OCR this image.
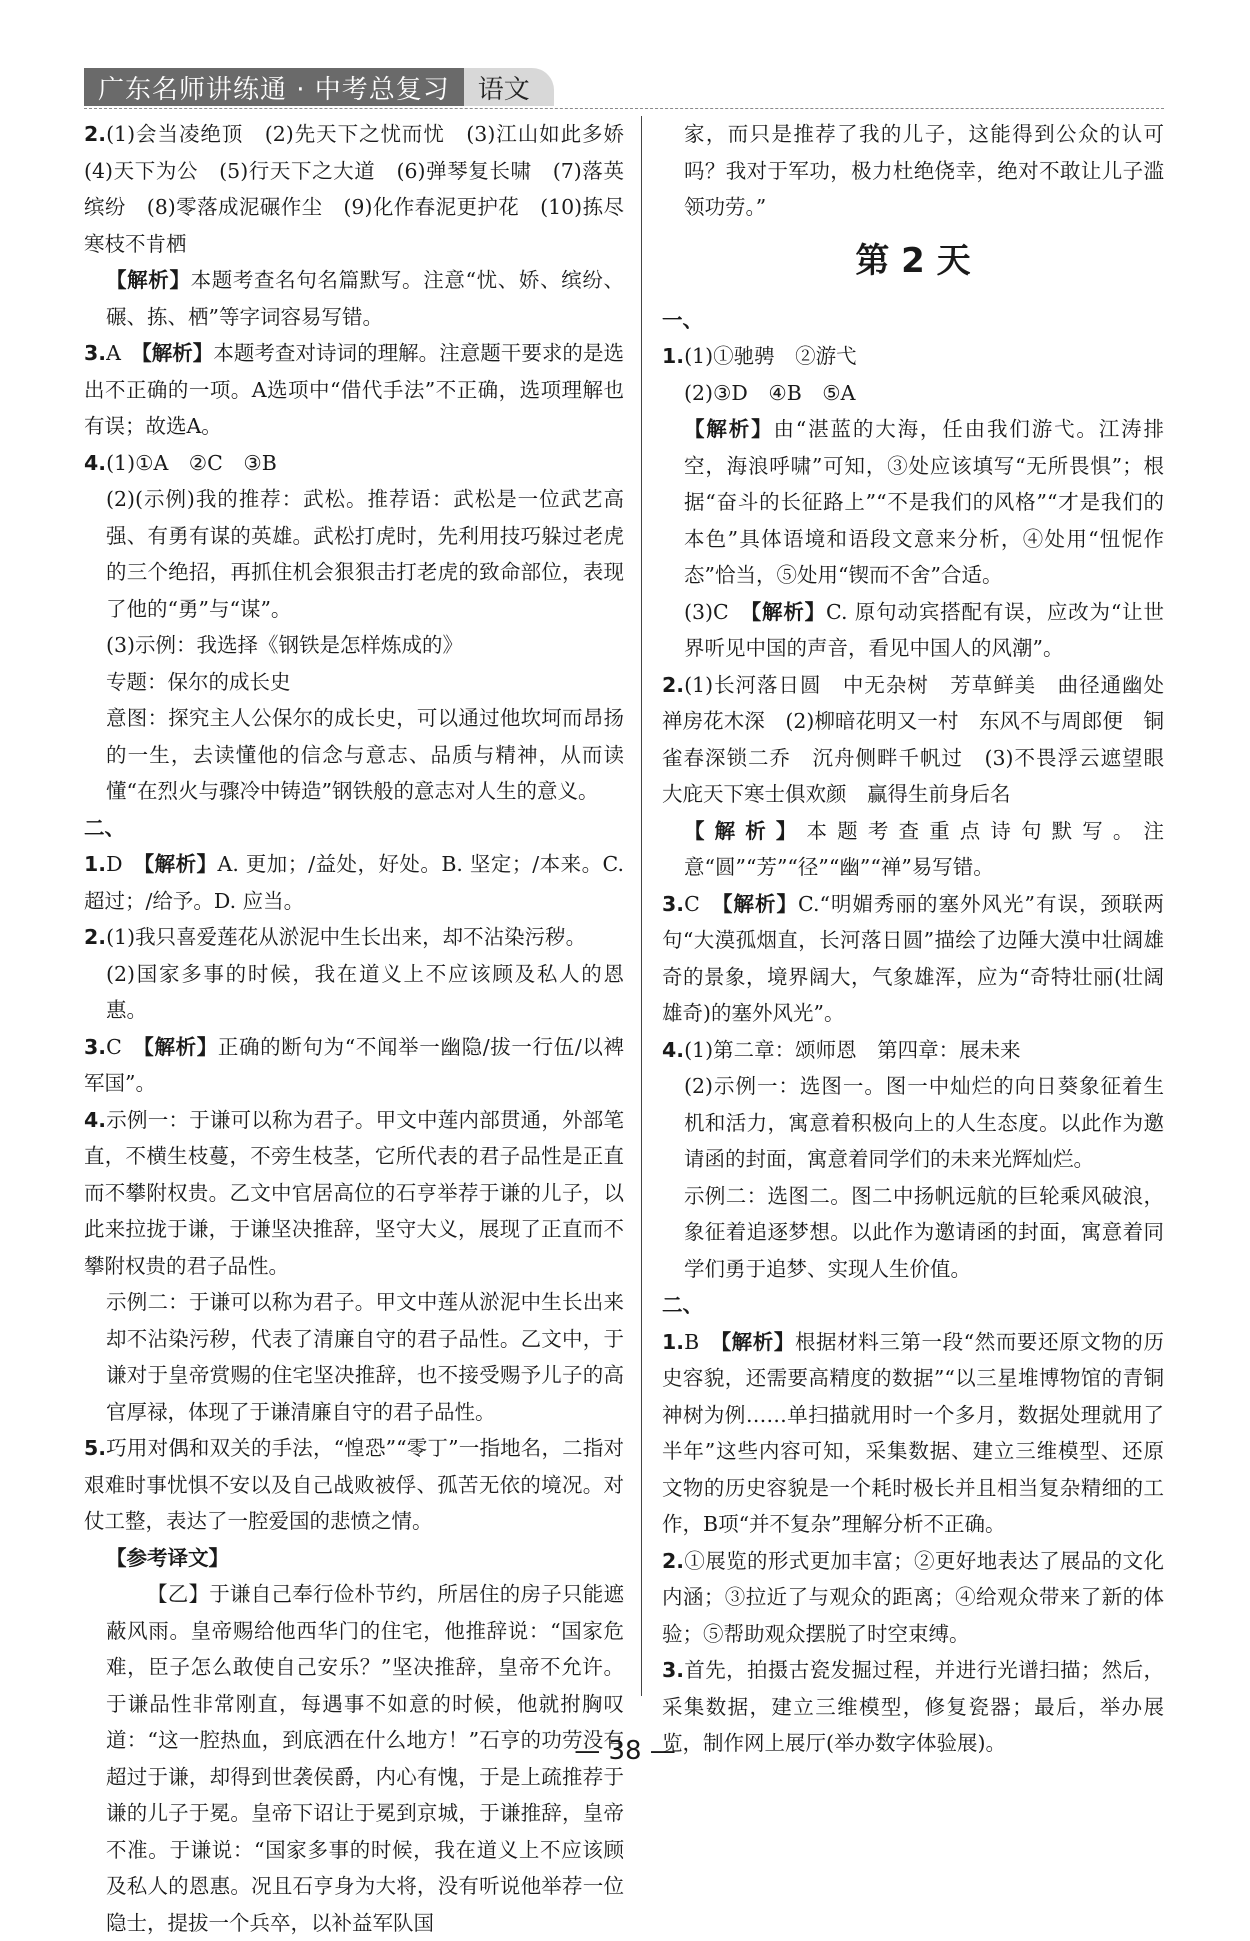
广东名师讲练通 · 中考总复习	语文

2.(1)会当凌绝顶　(2)先天下之忧而忧　(3)江山如此多娇　(4)天下为公　(5)行天下之大道　(6)弹琴复长啸　(7)落英缤纷　(8)零落成泥碾作尘　(9)化作春泥更护花　(10)拣尽寒枝不肯栖

【解析】本题考查名句名篇默写。注意“忧、娇、缤纷、碾、拣、栖”等字词容易写错。

3.A　【解析】本题考查对诗词的理解。注意题干要求的是选出不正确的一项。A选项中“借代手法”不正确，选项理解也有误；故选A。

4.(1)①A　②C　③B

(2)(示例)我的推荐：武松。推荐语：武松是一位武艺高强、有勇有谋的英雄。武松打虎时，先利用技巧躲过老虎的三个绝招，再抓住机会狠狠击打老虎的致命部位，表现了他的“勇”与“谋”。

(3)示例：我选择《钢铁是怎样炼成的》

专题：保尔的成长史

意图：探究主人公保尔的成长史，可以通过他坎坷而昂扬的一生，去读懂他的信念与意志、品质与精神，从而读懂“在烈火与骤冷中铸造”钢铁般的意志对人生的意义。

二、

1.D　【解析】A. 更加；/益处，好处。B. 坚定；/本来。C. 超过；/给予。D. 应当。

2.(1)我只喜爱莲花从淤泥中生长出来，却不沾染污秽。

(2)国家多事的时候，我在道义上不应该顾及私人的恩惠。

3.C　【解析】正确的断句为“不闻举一幽隐/拔一行伍/以裨军国”。

4.示例一：于谦可以称为君子。甲文中莲内部贯通，外部笔直，不横生枝蔓，不旁生枝茎，它所代表的君子品性是正直而不攀附权贵。乙文中官居高位的石亨举荐于谦的儿子，以此来拉拢于谦，于谦坚决推辞，坚守大义，展现了正直而不攀附权贵的君子品性。

示例二：于谦可以称为君子。甲文中莲从淤泥中生长出来却不沾染污秽，代表了清廉自守的君子品性。乙文中，于谦对于皇帝赏赐的住宅坚决推辞，也不接受赐予儿子的高官厚禄，体现了于谦清廉自守的君子品性。

5.巧用对偶和双关的手法，“惶恐”“零丁”一指地名，二指对艰难时事忧惧不安以及自己战败被俘、孤苦无依的境况。对仗工整，表达了一腔爱国的悲愤之情。

【参考译文】

【乙】于谦自己奉行俭朴节约，所居住的房子只能遮蔽风雨。皇帝赐给他西华门的住宅，他推辞说：“国家危难，臣子怎么敢使自己安乐？”坚决推辞，皇帝不允许。于谦品性非常刚直，每遇事不如意的时候，他就拊胸叹道：“这一腔热血，到底洒在什么地方！”石亨的功劳没有超过于谦，却得到世袭侯爵，内心有愧，于是上疏推荐于谦的儿子于冕。皇帝下诏让于冕到京城，于谦推辞，皇帝不准。于谦说：“国家多事的时候，我在道义上不应该顾及私人的恩惠。况且石亨身为大将，没有听说他举荐一位隐士，提拔一个兵卒，以补益军队国

家，而只是推荐了我的儿子，这能得到公众的认可吗？我对于军功，极力杜绝侥幸，绝对不敢让儿子滥领功劳。”

第 2 天

一、

1.(1)①驰骋　②游弋

(2)③D　④B　⑤A

【解析】由“湛蓝的大海，任由我们游弋。江涛排空，海浪呼啸”可知，③处应该填写“无所畏惧”；根据“奋斗的长征路上”“不是我们的风格”“才是我们的本色”具体语境和语段文意来分析，④处用“忸怩作态”恰当，⑤处用“锲而不舍”合适。

(3)C　【解析】C. 原句动宾搭配有误，应改为“让世界听见中国的声音，看见中国人的风潮”。

2.(1)长河落日圆　中无杂树　芳草鲜美　曲径通幽处　禅房花木深　(2)柳暗花明又一村　东风不与周郎便　铜雀春深锁二乔　沉舟侧畔千帆过　(3)不畏浮云遮望眼　大庇天下寒士俱欢颜　赢得生前身后名

【解析】本题考查重点诗句默写。注意“圆”“芳”“径”“幽”“禅”易写错。

3.C　【解析】C.“明媚秀丽的塞外风光”有误，颈联两句“大漠孤烟直，长河落日圆”描绘了边陲大漠中壮阔雄奇的景象，境界阔大，气象雄浑，应为“奇特壮丽(壮阔雄奇)的塞外风光”。

4.(1)第二章：颂师恩　第四章：展未来

(2)示例一：选图一。图一中灿烂的向日葵象征着生机和活力，寓意着积极向上的人生态度。以此作为邀请函的封面，寓意着同学们的未来光辉灿烂。

示例二：选图二。图二中扬帆远航的巨轮乘风破浪，象征着追逐梦想。以此作为邀请函的封面，寓意着同学们勇于追梦、实现人生价值。

二、

1.B　【解析】根据材料三第一段“然而要还原文物的历史容貌，还需要高精度的数据”“以三星堆博物馆的青铜神树为例……单扫描就用时一个多月，数据处理就用了半年”这些内容可知，采集数据、建立三维模型、还原文物的历史容貌是一个耗时极长并且相当复杂精细的工作，B项“并不复杂”理解分析不正确。

2.①展览的形式更加丰富；②更好地表达了展品的文化内涵；③拉近了与观众的距离；④给观众带来了新的体验；⑤帮助观众摆脱了时空束缚。

3.首先，拍摄古瓷发掘过程，并进行光谱扫描；然后，采集数据，建立三维模型，修复瓷器；最后，举办展览，制作网上展厅(举办数字体验展)。

— 38 —
